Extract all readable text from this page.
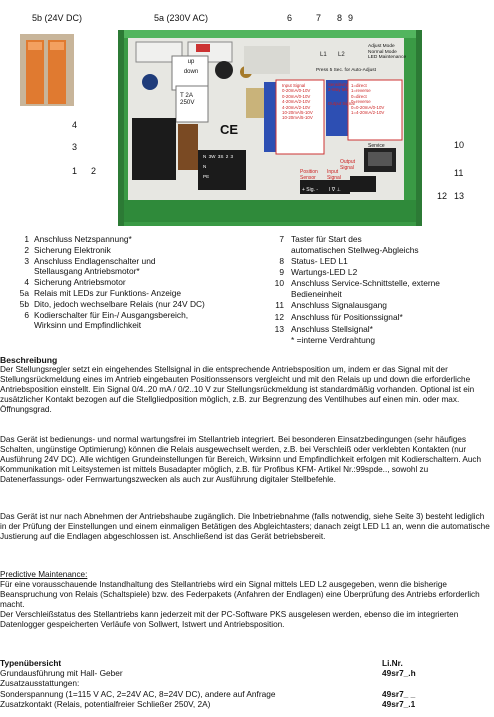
5b (24V DC)	5a (230V AC)	6	7 8 9
4
3
1 2
10
11
12 13
up
down
T 2A 250V
CE
Adjust Mode
Normal Mode
LED Maintenance
Press 5 Sec. for Auto-Adjust
L1 L2
Input Signal
0-20mA/0-10V
0-20mA/0-10V
4-20mA/2-10V
4-20mA/2-10V
10-20mA/5-10V
10-20mA/5-10V
Sensitivity
3-Way Mix
Output Signal
1=direct
1=reverse
0=direct
0=reverse
0=0-20mA/0-10V
1=4-20mA/2-10V
Service
Position Sensor
Input Signal
Output Signal
+ Sig. - I ∇ ⊥
N 3W 3S 2 3
N
PE
1 Anschluss Netzspannung*
2 Sicherung Elektronik
3 Anschluss Endlagenschalter und
Stellausgang Antriebsmotor*
4 Sicherung Antriebsmotor
5a Relais mit LEDs zur Funktions- Anzeige
5b Dito, jedoch wechselbare Relais (nur 24V DC)
6 Kodierschalter für Ein-/ Ausgangsbereich,
Wirksinn und Empfindlichkeit
7 Taster für Start des
automatischen Stellweg-Abgleichs
8 Status- LED L1
9 Wartungs-LED L2
10 Anschluss Service-Schnittstelle, externe
Bedieneinheit
11 Anschluss Signalausgang
12 Anschluss für Positionssignal*
13 Anschluss Stellsignal*
* =interne Verdrahtung
Beschreibung

Der Stellungsregler setzt ein eingehendes Stellsignal in die entsprechende Antriebsposition um, indem er das Signal mit der Stellungsrückmeldung eines im Antrieb eingebauten Positionssensors vergleicht und mit den Relais up und down die erforderliche Antriebsposition einstellt. Ein Signal 0/4..20 mA / 0/2..10 V zur Stellungsrückmeldung ist standardmäßig vorhanden. Optional ist ein zusätzlicher Kontakt bezogen auf die Stellgliedposition möglich, z.B. zur Begrenzung des Ventilhubes auf einen min. oder max. Öffnungsgrad.

Das Gerät ist bedienungs- und normal wartungsfrei im Stellantrieb integriert. Bei besonderen Einsatzbedingungen (sehr häufiges Schalten, ungünstige Optimierung) können die Relais ausgewechselt werden, z.B. bei Verschleiß oder verklebten Kontakten (nur Ausführung 24V DC). Alle wichtigen Grundeinstellungen für Bereich, Wirksinn und Empfindlichkeit erfolgen mit Kodierschaltern. Auch Kommunikation mit Leitsystemen ist mittels Busadapter möglich, z.B. für Profibus KFM- Artikel Nr.:99spde.., sowohl zu Datenerfassungs- oder Fernwartungszwecken als auch zur Ausführung digitaler Stellbefehle.

Das Gerät ist nur nach Abnehmen der Antriebshaube zugänglich. Die Inbetriebnahme (falls notwendig, siehe Seite 3) besteht lediglich in der Prüfung der Einstellungen und einem einmaligen Betätigen des Abgleichtasters; danach zeigt LED L1 an, wenn die automatische Justierung auf die Endlagen abgeschlossen ist. Anschließend ist das Gerät betriebsbereit.

Predictive Maintenance:

Für eine vorausschauende Instandhaltung des Stellantriebs wird ein Signal mittels LED L2 ausgegeben, wenn die bisherige Beanspruchung von Relais (Schaltspiele) bzw. des Federpakets (Anfahren der Endlagen) eine Überprüfung des Antriebs erforderlich macht.

Der Verschleißstatus des Stellantriebs kann jederzeit mit der PC-Software PKS ausgelesen werden, ebenso die im integrierten Datenlogger gespeicherten Verläufe von Sollwert, Istwert und Antriebsposition.

Typenübersicht	Li.Nr.
Grundausführung mit Hall- Geber	49sr7_.h
Zusatzausstattungen:	
Sonderspannung (1=115 V AC, 2=24V AC, 8=24V DC), andere auf Anfrage	49sr7_ _
Zusatzkontakt (Relais, potentialfreier Schließer 250V, 2A)	49sr7_.1
